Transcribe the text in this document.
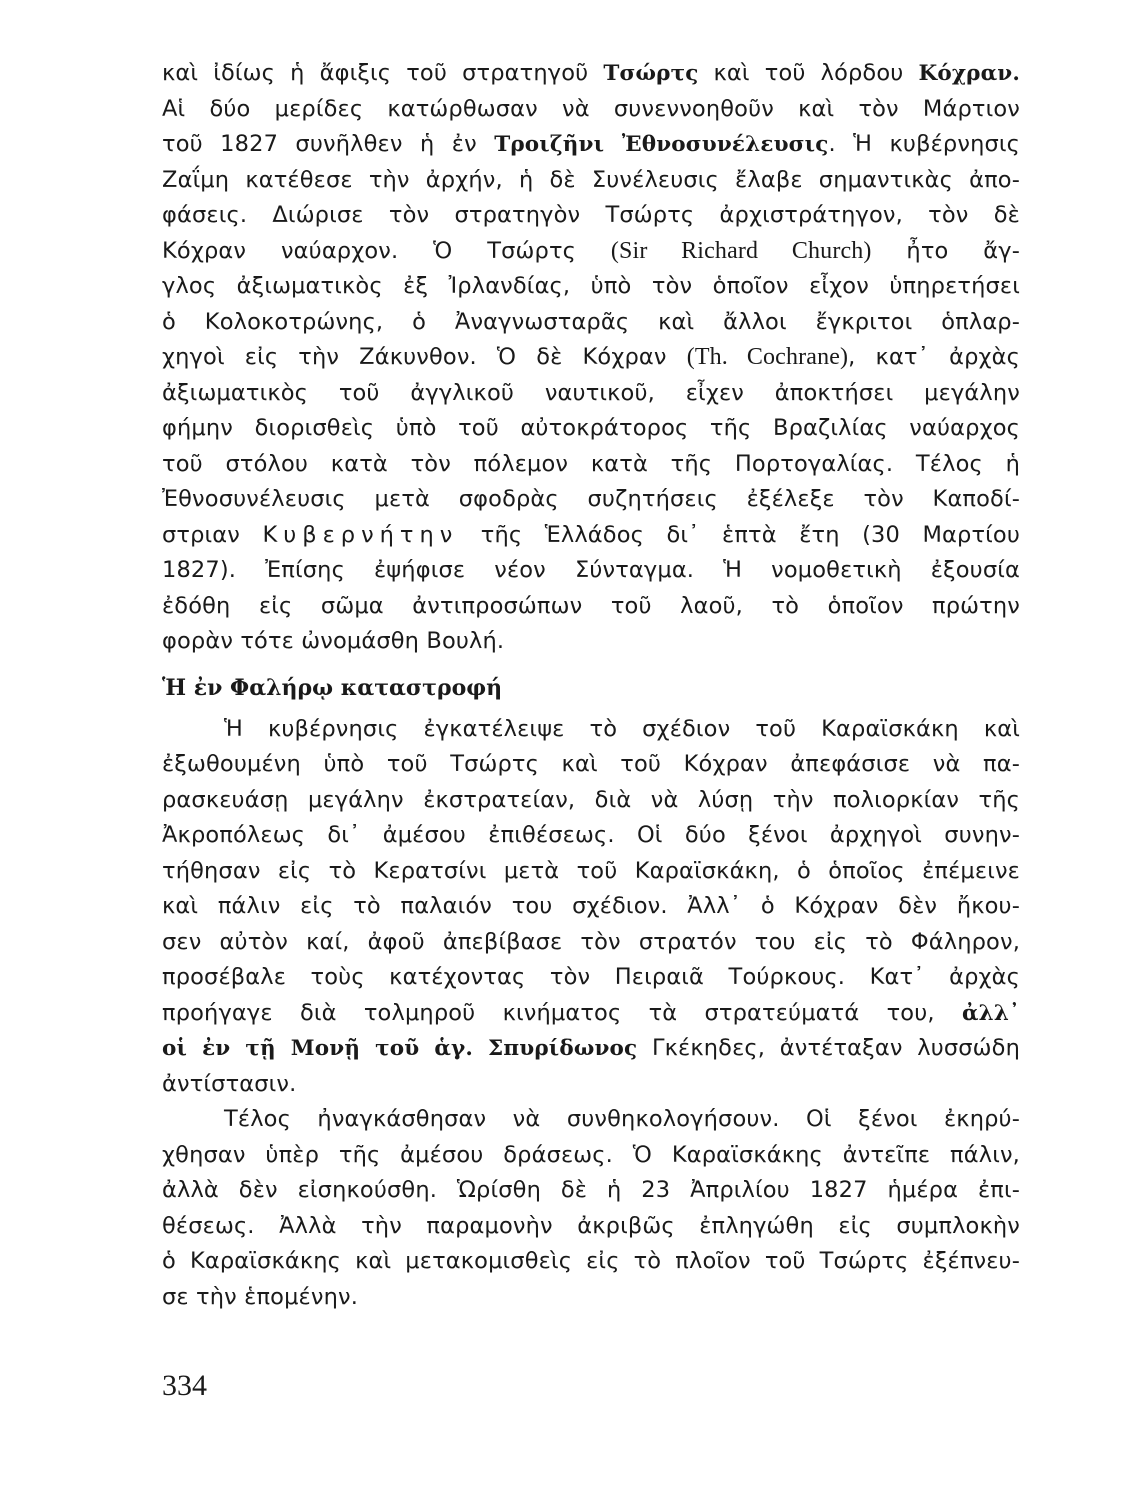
καὶ ἰδίως ἡ ἄφιξις τοῦ στρατηγοῦ Τσώρτς καὶ τοῦ λόρδου Κόχραν.
Αἱ δύο μερίδες κατώρθωσαν νὰ συνεννοηθοῦν καὶ τὸν Μάρτιον
τοῦ 1827 συνῆλθεν ἡ ἐν Τροιζῆνι Ἐθνοσυνέλευσις. Ἡ κυβέρνησις
Ζαΐμη κατέθεσε τὴν ἀρχήν, ἡ δὲ Συνέλευσις ἔλαβε σημαντικὰς ἀπο-
φάσεις. Διώρισε τὸν στρατηγὸν Τσώρτς ἀρχιστράτηγον, τὸν δὲ
Κόχραν ναύαρχον. Ὁ Τσώρτς (Sir Richard Church) ἦτο ἄγ-
γλος ἀξιωματικὸς ἐξ Ἰρλανδίας, ὑπὸ τὸν ὁποῖον εἶχον ὑπηρετήσει
ὁ Κολοκοτρώνης, ὁ Ἀναγνωσταρᾶς καὶ ἄλλοι ἔγκριτοι ὁπλαρ-
χηγοὶ εἰς τὴν Ζάκυνθον. Ὁ δὲ Κόχραν (Th. Cochrane), κατ᾽ ἀρχὰς
ἀξιωματικὸς τοῦ ἀγγλικοῦ ναυτικοῦ, εἶχεν ἀποκτήσει μεγάλην
φήμην διορισθεὶς ὑπὸ τοῦ αὐτοκράτορος τῆς Βραζιλίας ναύαρχος
τοῦ στόλου κατὰ τὸν πόλεμον κατὰ τῆς Πορτογαλίας. Τέλος ἡ
Ἐθνοσυνέλευσις μετὰ σφοδρὰς συζητήσεις ἐξέλεξε τὸν Καποδί-
στριαν Κυβερνήτην τῆς Ἑλλάδος δι᾽ ἑπτὰ ἔτη (30 Μαρτίου
1827). Ἐπίσης ἐψήφισε νέον Σύνταγμα. Ἡ νομοθετικὴ ἐξουσία
ἐδόθη εἰς σῶμα ἀντιπροσώπων τοῦ λαοῦ, τὸ ὁποῖον πρώτην
φορὰν τότε ὠνομάσθη Βουλή.
Ἡ ἐν Φαλήρῳ καταστροφή
Ἡ κυβέρνησις ἐγκατέλειψε τὸ σχέδιον τοῦ Καραϊσκάκη καὶ
ἐξωθουμένη ὑπὸ τοῦ Τσώρτς καὶ τοῦ Κόχραν ἀπεφάσισε νὰ πα-
ρασκευάσῃ μεγάλην ἐκστρατείαν, διὰ νὰ λύσῃ τὴν πολιορκίαν τῆς
Ἀκροπόλεως δι᾽ ἀμέσου ἐπιθέσεως. Οἱ δύο ξένοι ἀρχηγοὶ συνην-
τήθησαν εἰς τὸ Κερατσίνι μετὰ τοῦ Καραϊσκάκη, ὁ ὁποῖος ἐπέμεινε
καὶ πάλιν εἰς τὸ παλαιόν του σχέδιον. Ἀλλ᾽ ὁ Κόχραν δὲν ἤκου-
σεν αὐτὸν καί, ἀφοῦ ἀπεβίβασε τὸν στρατόν του εἰς τὸ Φάληρον,
προσέβαλε τοὺς κατέχοντας τὸν Πειραιᾶ Τούρκους. Κατ᾽ ἀρχὰς
προήγαγε διὰ τολμηροῦ κινήματος τὰ στρατεύματά του, ἀλλ᾽
οἱ ἐν τῇ Μονῇ τοῦ ἁγ. Σπυρίδωνος Γκέκηδες, ἀντέταξαν λυσσώδη
ἀντίστασιν.
Τέλος ἠναγκάσθησαν νὰ συνθηκολογήσουν. Οἱ ξένοι ἐκηρύ-
χθησαν ὑπὲρ τῆς ἀμέσου δράσεως. Ὁ Καραϊσκάκης ἀντεῖπε πάλιν,
ἀλλὰ δὲν εἰσηκούσθη. Ὡρίσθη δὲ ἡ 23 Ἀπριλίου 1827 ἡμέρα ἐπι-
θέσεως. Ἀλλὰ τὴν παραμονὴν ἀκριβῶς ἐπληγώθη εἰς συμπλοκὴν
ὁ Καραϊσκάκης καὶ μετακομισθεὶς εἰς τὸ πλοῖον τοῦ Τσώρτς ἐξέπνευ-
σε τὴν ἑπομένην.
334
